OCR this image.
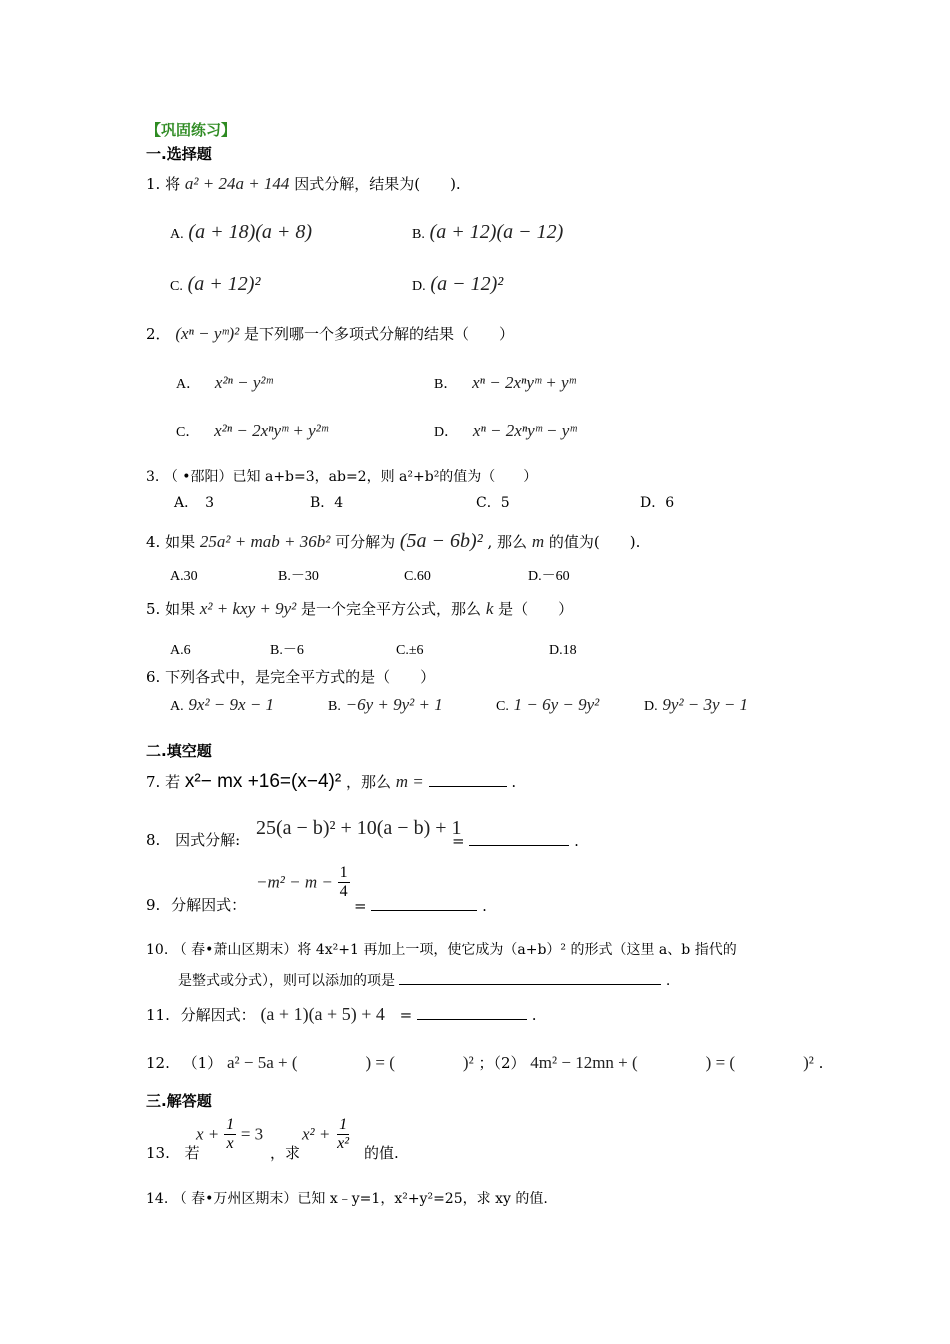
【巩固练习】
一.选择题
1. 将 a² + 24a + 144 因式分解，结果为(　　).
A. (a + 18)(a + 8)	B. (a + 12)(a − 12)
C. (a + 12)²	D. (a − 12)²
2． (xⁿ − yᵐ)² 是下列哪一个多项式分解的结果（　　）
A． x²ⁿ − y²ᵐ	B． xⁿ − 2xⁿyᵐ + yᵐ
C． x²ⁿ − 2xⁿyᵐ + y²ᵐ	D． xⁿ − 2xⁿyᵐ − yᵐ
3. （ •邵阳）已知 a+b=3，ab=2，则 a²+b²的值为（　　）
A．　3	B．4	C．5	D．6
4. 如果 25a² + mab + 36b² 可分解为 (5a − 6b)² , 那么 m 的值为(　　).
A.30	B.－30	C.60	D.－60
5. 如果 x² + kxy + 9y² 是一个完全平方公式，那么 k 是（　　）
A.6	B.－6	C.±6	D.18
6. 下列各式中，是完全平方式的是（　　）
A. 9x² − 9x − 1	B. −6y + 9y² + 1	C. 1 − 6y − 9y²	D. 9y² − 3y − 1
二.填空题
7. 若 x²− mx +16=(x−4)² ，那么 m =	.
8. 因式分解:
25(a − b)² + 10(a − b) + 1
=	.
9. 分解因式：
$-m^2 - m - \frac{1}{4}$
=	.
10. （ 春•萧山区期末）将 4x²+1 再加上一项，使它成为（a+b）² 的形式（这里 a、b 指代的
是整式或分式），则可以添加的项是	.
11. 分解因式： (a + 1)(a + 5) + 4 =	.
12. （1） a² − 5a + (　　　　) = (　　　　)² ；（2） 4m² − 12mn + (　　　　) = (　　　　)² .
三.解答题
13. 若
$x + \frac{1}{x} = 3$
，求
$x^2 + \frac{1}{\text{x²}}$
的值.
14. （ 春•万州区期末）已知 x﹣y=1，x²+y²=25，求 xy 的值.
